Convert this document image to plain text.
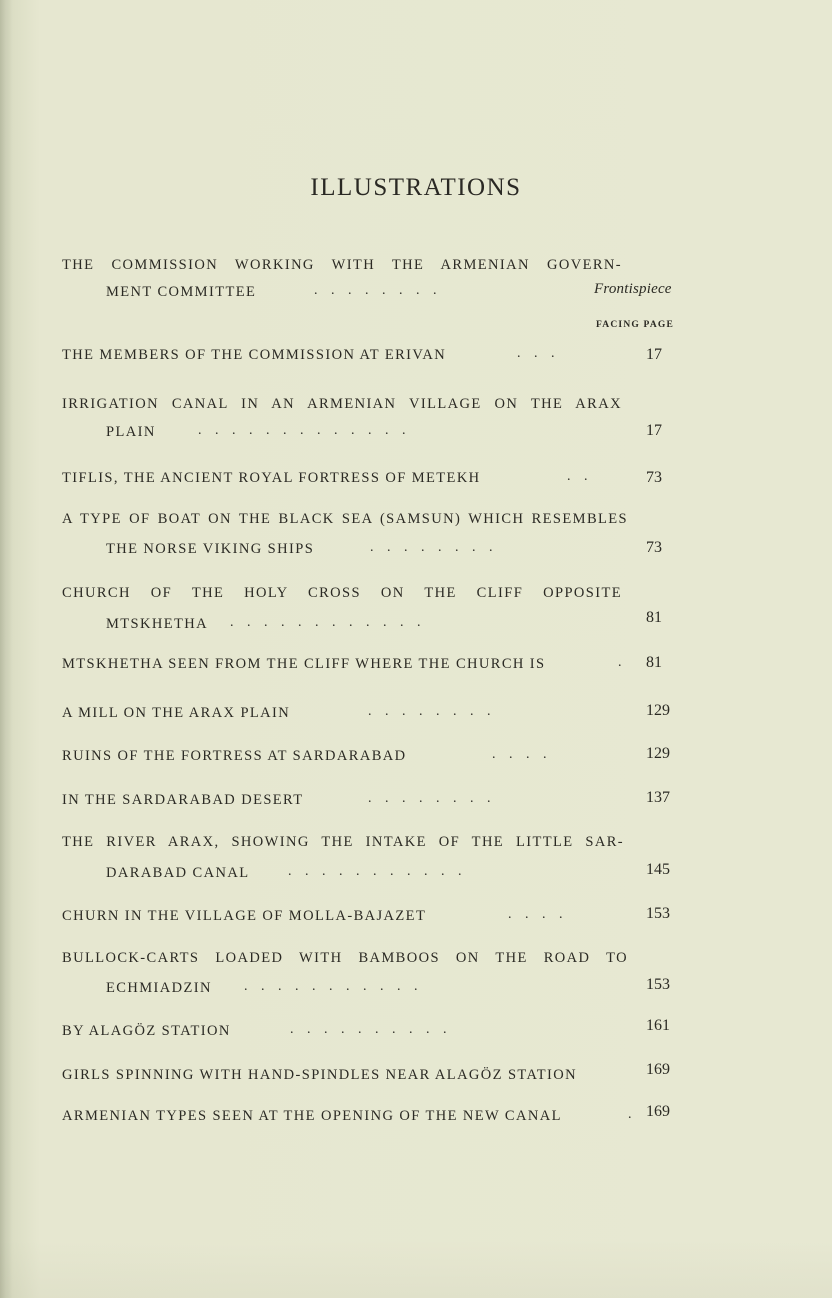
ILLUSTRATIONS
THE COMMISSION WORKING WITH THE ARMENIAN GOVERN-
MENT COMMITTEE	. . . . . . . .	Frontispiece
FACING PAGE
THE MEMBERS OF THE COMMISSION AT ERIVAN	. . .	17
IRRIGATION CANAL IN AN ARMENIAN VILLAGE ON THE ARAX
PLAIN	. . . . . . . . . . . . .	17
TIFLIS, THE ANCIENT ROYAL FORTRESS OF METEKH	. .	73
A TYPE OF BOAT ON THE BLACK SEA (SAMSUN) WHICH RESEMBLES
THE NORSE VIKING SHIPS	. . . . . . . .	73
CHURCH OF THE HOLY CROSS ON THE CLIFF OPPOSITE
MTSKHETHA	. . . . . . . . . . . .	81
MTSKHETHA SEEN FROM THE CLIFF WHERE THE CHURCH IS	. 81
A MILL ON THE ARAX PLAIN	. . . . . . . .	129
RUINS OF THE FORTRESS AT SARDARABAD	. . . .	129
IN THE SARDARABAD DESERT	. . . . . . . .	137
THE RIVER ARAX, SHOWING THE INTAKE OF THE LITTLE SAR-
DARABAD CANAL	. . . . . . . . . . .	145
CHURN IN THE VILLAGE OF MOLLA-BAJAZET	. . . .	153
BULLOCK-CARTS LOADED WITH BAMBOOS ON THE ROAD TO
ECHMIADZIN	. . . . . . . . . . .	153
BY ALAGÖZ STATION	. . . . . . . . . .	161
GIRLS SPINNING WITH HAND-SPINDLES NEAR ALAGÖZ STATION	169
ARMENIAN TYPES SEEN AT THE OPENING OF THE NEW CANAL	. 169
